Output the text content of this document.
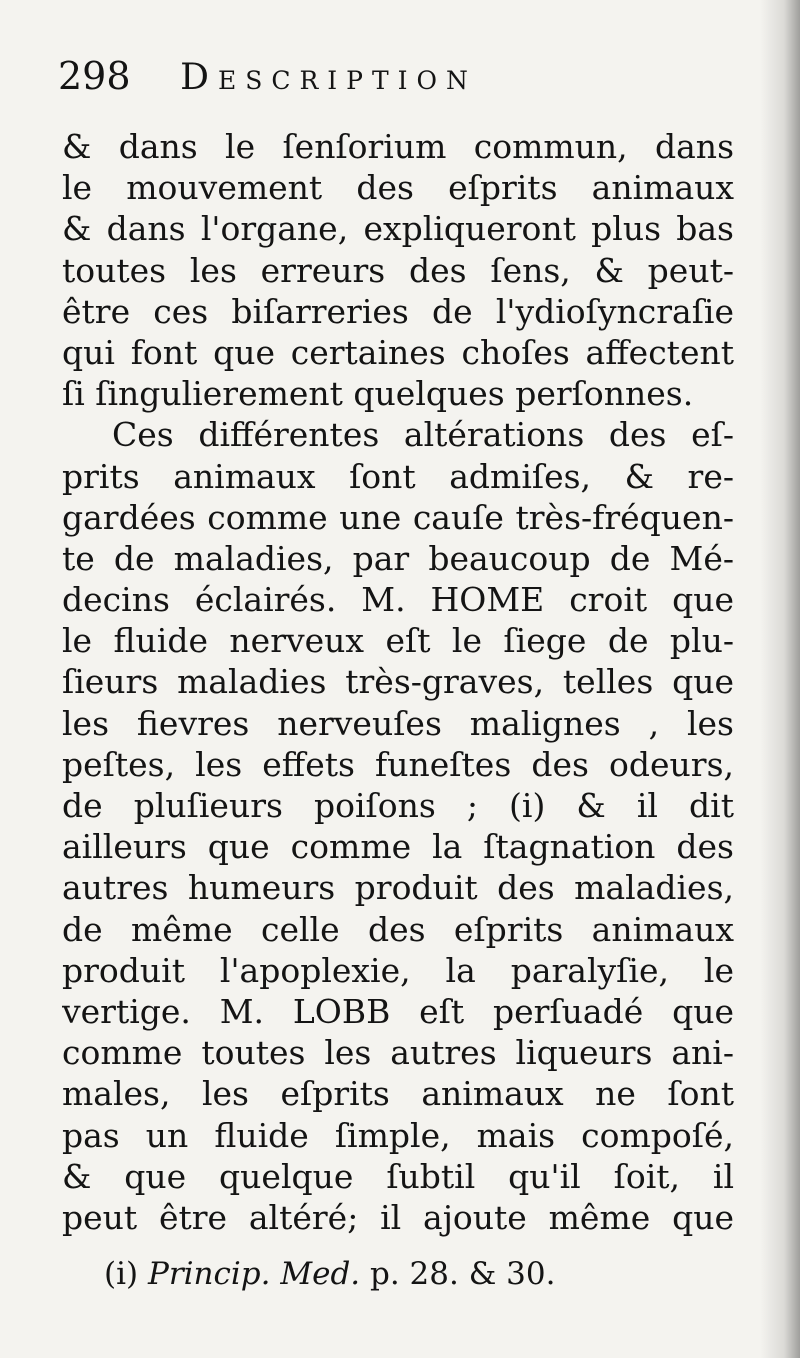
298 Description
& dans le ſenſorium commun, dans
le mouvement des eſprits animaux
& dans l'organe, expliqueront plus bas
toutes les erreurs des ſens, & peut-
être ces biſarreries de l'ydioſyncraſie
qui font que certaines choſes affectent
ſi ſingulierement quelques perſonnes.
Ces différentes altérations des eſ-
prits animaux ſont admiſes, & re-
gardées comme une cauſe très-fréquen-
te de maladies, par beaucoup de Mé-
decins éclairés. M. HOME croit que
le fluide nerveux eſt le ſiege de plu-
ſieurs maladies très-graves, telles que
les fievres nerveuſes malignes , les
peſtes, les effets funeſtes des odeurs,
de pluſieurs poiſons ; (i) & il dit
ailleurs que comme la ſtagnation des
autres humeurs produit des maladies,
de même celle des eſprits animaux
produit l'apoplexie, la paralyſie, le
vertige. M. LOBB eſt perſuadé que
comme toutes les autres liqueurs ani-
males, les eſprits animaux ne ſont
pas un fluide ſimple, mais compoſé,
& que quelque ſubtil qu'il ſoit, il
peut être altéré; il ajoute même que
(i) Princip. Med. p. 28. & 30.
